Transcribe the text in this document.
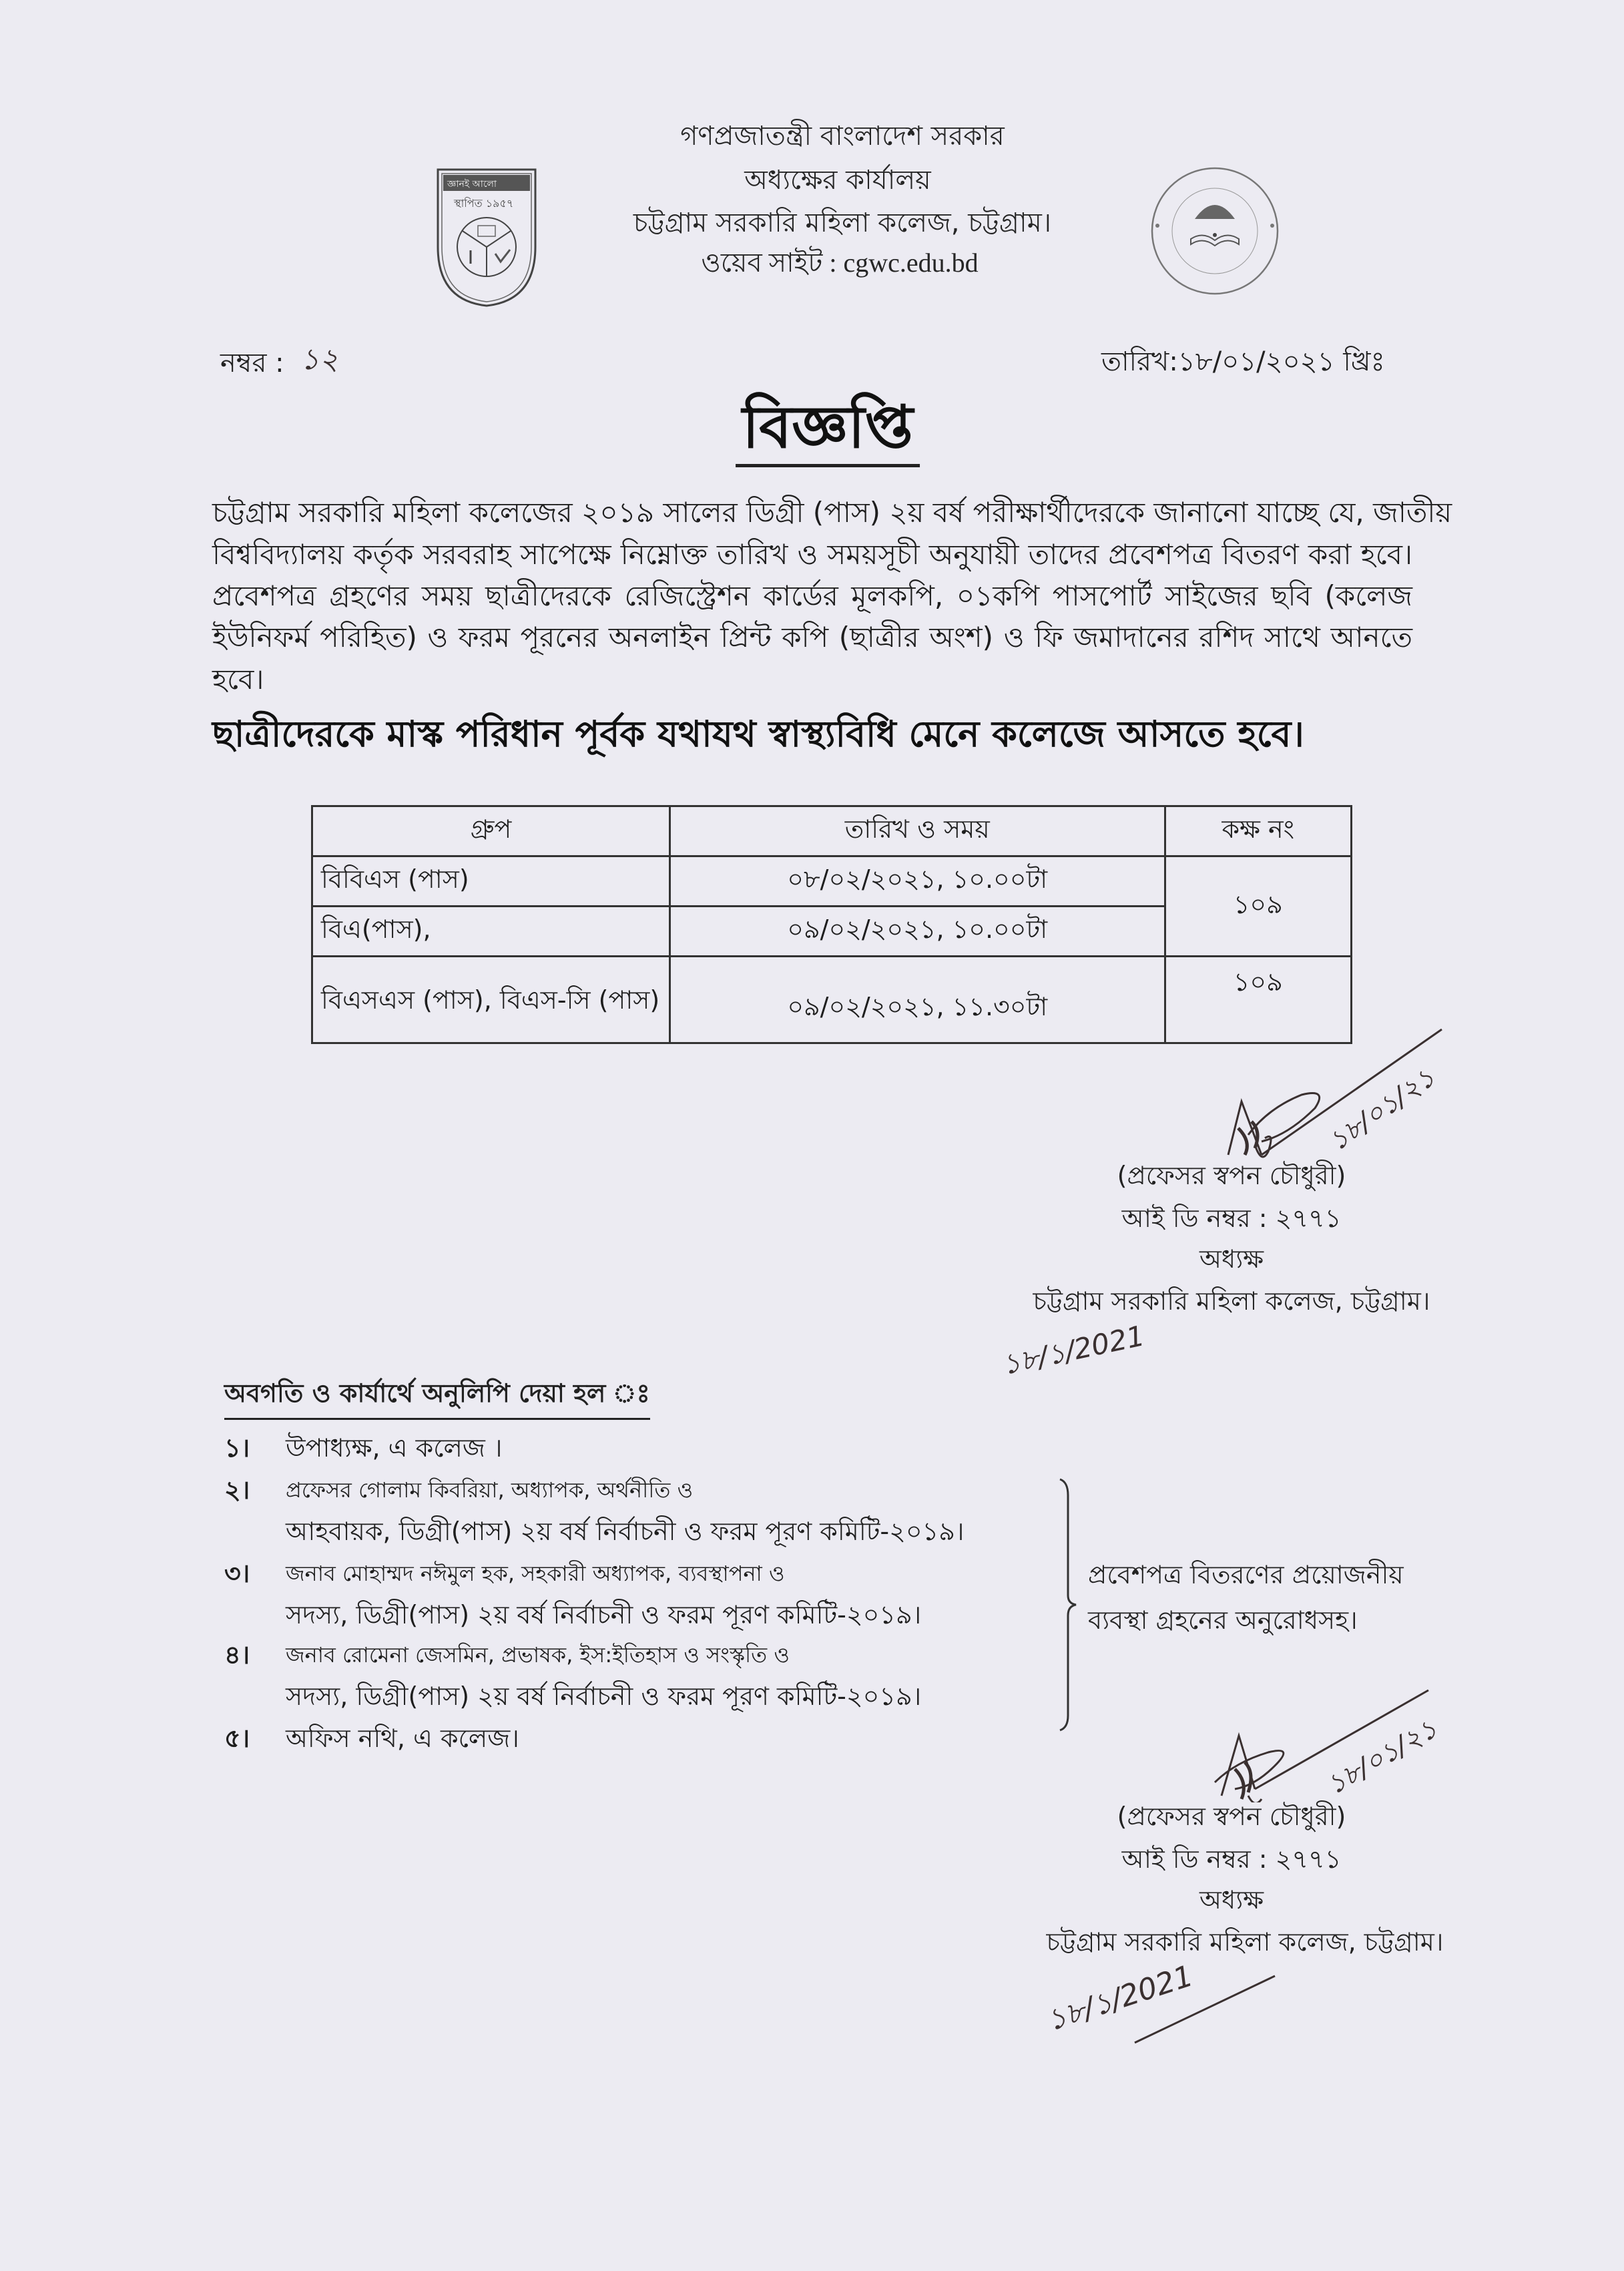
গণপ্রজাতন্ত্রী বাংলাদেশ সরকার
অধ্যক্ষের কার্যালয়
চট্টগ্রাম সরকারি মহিলা কলেজ, চট্টগ্রাম।
ওয়েব সাইট : cgwc.edu.bd
জ্ঞানই আলো
স্থাপিত ১৯৫৭
নম্বর : ১২	তারিখ:১৮/০১/২০২১ খ্রিঃ
বিজ্ঞপ্তি
চট্টগ্রাম সরকারি মহিলা কলেজের ২০১৯ সালের ডিগ্রী (পাস) ২য় বর্ষ পরীক্ষার্থীদেরকে জানানো যাচ্ছে যে, জাতীয়
বিশ্ববিদ্যালয় কর্তৃক সরবরাহ সাপেক্ষে নিম্নোক্ত তারিখ ও সময়সূচী অনুযায়ী তাদের প্রবেশপত্র বিতরণ করা হবে।
প্রবেশপত্র গ্রহণের সময় ছাত্রীদেরকে রেজিস্ট্রেশন কার্ডের মূলকপি, ০১কপি পাসপোর্ট সাইজের ছবি (কলেজ
ইউনিফর্ম পরিহিত) ও ফরম পূরনের অনলাইন প্রিন্ট কপি (ছাত্রীর অংশ) ও ফি জমাদানের রশিদ সাথে আনতে
হবে।
ছাত্রীদেরকে মাস্ক পরিধান পূর্বক যথাযথ স্বাস্থ্যবিধি মেনে কলেজে আসতে হবে।
গ্রুপ	তারিখ ও সময়	কক্ষ নং
বিবিএস (পাস)	০৮/০২/২০২১, ১০.০০টা	১০৯
বিএ(পাস),	০৯/০২/২০২১, ১০.০০টা	
বিএসএস (পাস), বিএস-সি (পাস)	০৯/০২/২০২১, ১১.৩০টা	১০৯
১৮/০১/২১
(প্রফেসর স্বপন চৌধুরী)
আই ডি নম্বর : ২৭৭১
অধ্যক্ষ
চট্টগ্রাম সরকারি মহিলা কলেজ, চট্টগ্রাম।
১৮/১/2021
অবগতি ও কার্যার্থে অনুলিপি দেয়া হল ঃ
১। উপাধ্যক্ষ, এ কলেজ ।
২। প্রফেসর গোলাম কিবরিয়া, অধ্যাপক, অর্থনীতি ও
আহবায়ক, ডিগ্রী(পাস) ২য় বর্ষ নির্বাচনী ও ফরম পূরণ কমিটি-২০১৯।
৩। জনাব মোহাম্মদ নঈমুল হক, সহকারী অধ্যাপক, ব্যবস্থাপনা ও
সদস্য, ডিগ্রী(পাস) ২য় বর্ষ নির্বাচনী ও ফরম পূরণ কমিটি-২০১৯।
৪। জনাব রোমেনা জেসমিন, প্রভাষক, ইস:ইতিহাস ও সংস্কৃতি ও
সদস্য, ডিগ্রী(পাস) ২য় বর্ষ নির্বাচনী ও ফরম পূরণ কমিটি-২০১৯।
৫। অফিস নথি, এ কলেজ।
প্রবেশপত্র বিতরণের প্রয়োজনীয়
ব্যবস্থা গ্রহনের অনুরোধসহ।
১৮/০১/২১
(প্রফেসর স্বপন চৌধুরী)
আই ডি নম্বর : ২৭৭১
অধ্যক্ষ
চট্টগ্রাম সরকারি মহিলা কলেজ, চট্টগ্রাম।
১৮/১/2021
